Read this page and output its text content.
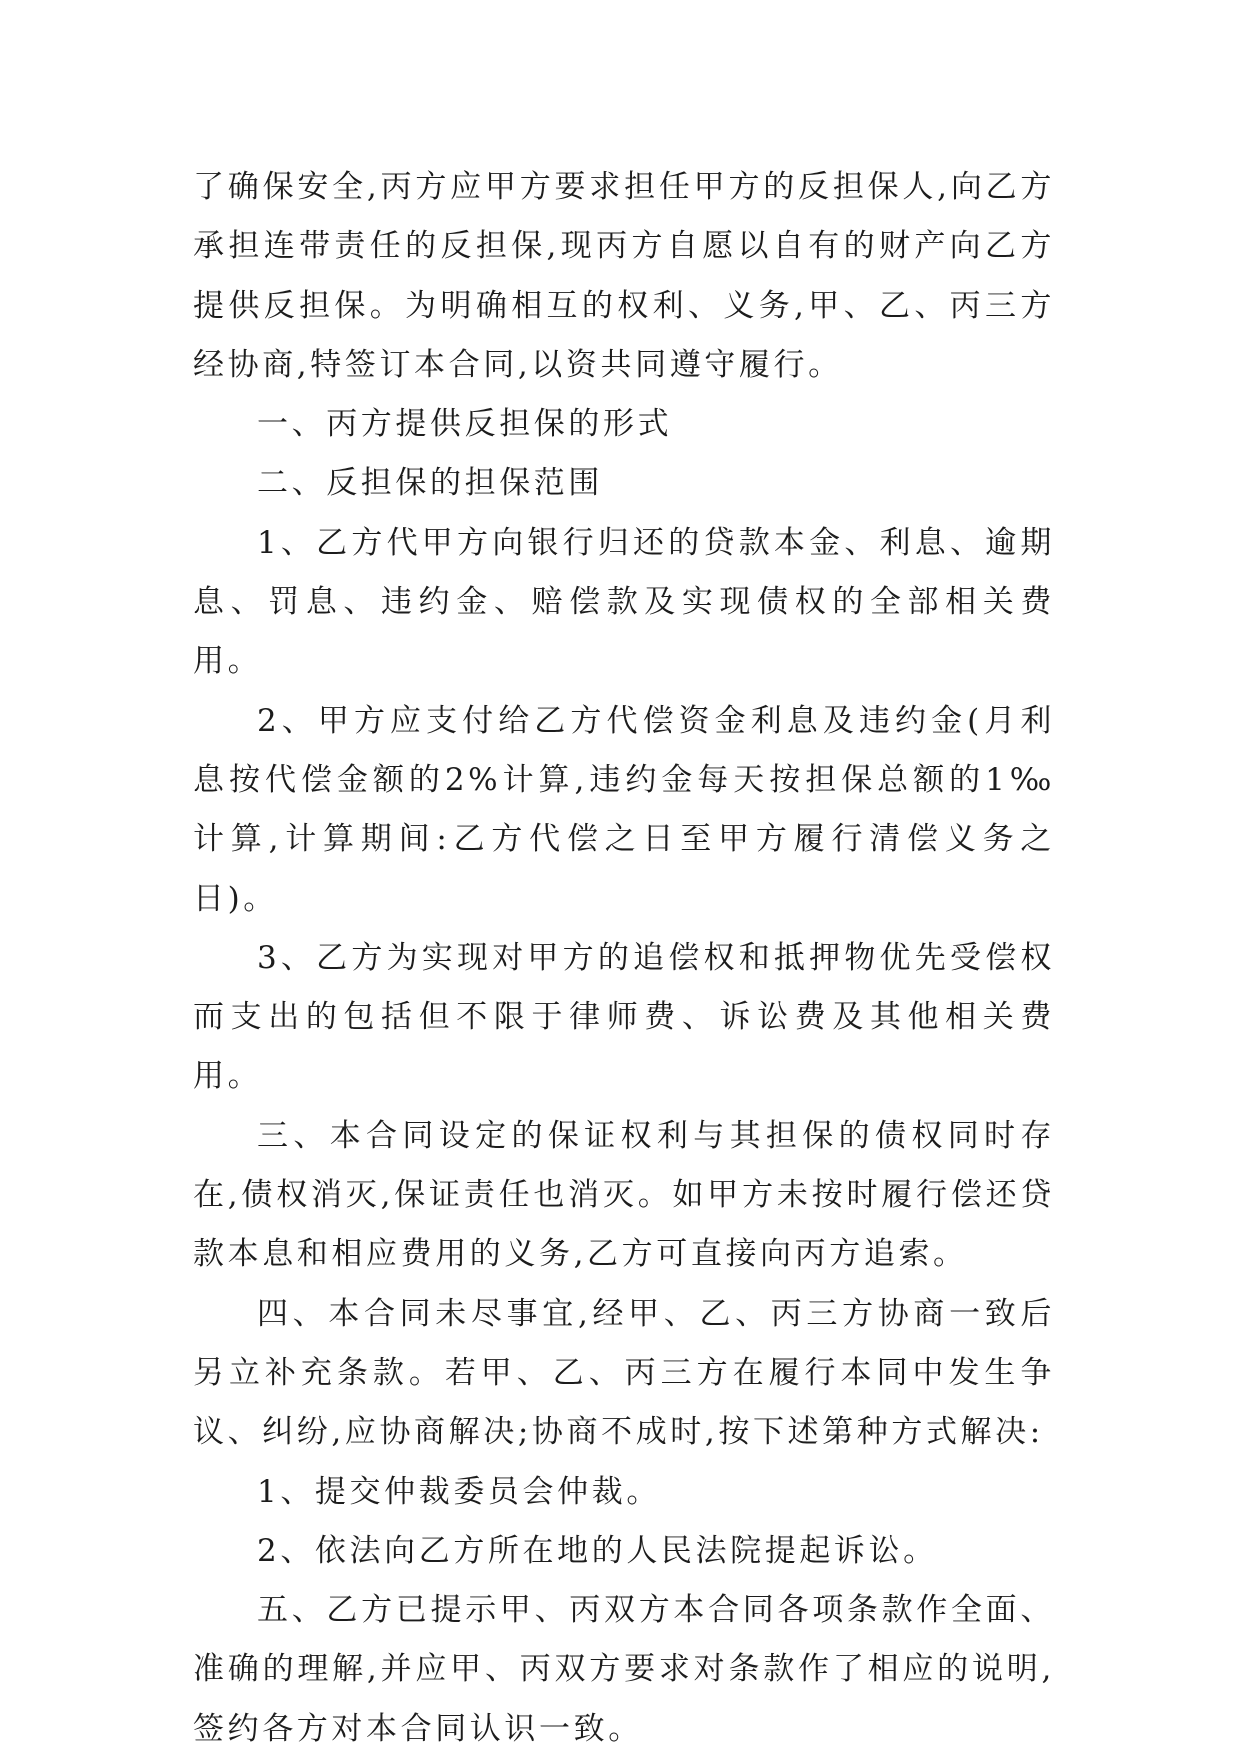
了确保安全,丙方应甲方要求担任甲方的反担保人,向乙方承担连带责任的反担保,现丙方自愿以自有的财产向乙方提供反担保。为明确相互的权利、义务,甲、乙、丙三方经协商,特签订本合同,以资共同遵守履行。

一、丙方提供反担保的形式

二、反担保的担保范围

1、乙方代甲方向银行归还的贷款本金、利息、逾期息、罚息、违约金、赔偿款及实现债权的全部相关费用。

2、甲方应支付给乙方代偿资金利息及违约金(月利息按代偿金额的2%计算,违约金每天按担保总额的1‰计算,计算期间:乙方代偿之日至甲方履行清偿义务之日)。

3、乙方为实现对甲方的追偿权和抵押物优先受偿权而支出的包括但不限于律师费、诉讼费及其他相关费用。

三、本合同设定的保证权利与其担保的债权同时存在,债权消灭,保证责任也消灭。如甲方未按时履行偿还贷款本息和相应费用的义务,乙方可直接向丙方追索。

四、本合同未尽事宜,经甲、乙、丙三方协商一致后另立补充条款。若甲、乙、丙三方在履行本同中发生争议、纠纷,应协商解决;协商不成时,按下述第种方式解决:

1、提交仲裁委员会仲裁。

2、依法向乙方所在地的人民法院提起诉讼。

五、乙方已提示甲、丙双方本合同各项条款作全面、准确的理解,并应甲、丙双方要求对条款作了相应的说明,签约各方对本合同认识一致。
